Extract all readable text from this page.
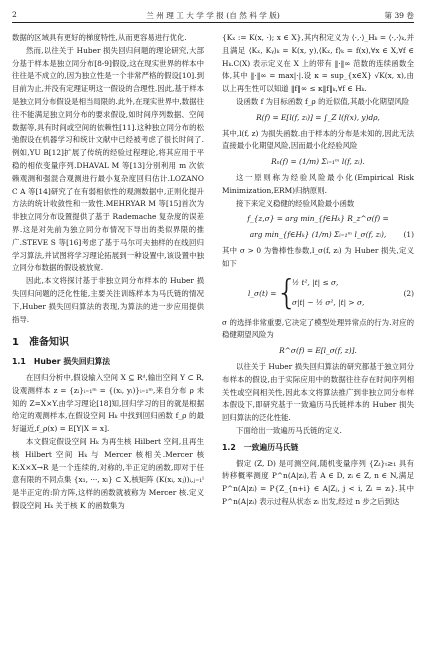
2	兰 州 理 工 大 学 学 报 (自 然 科 学 版)	第 39 卷

数据的区域具有更好的梯度特性,从而更容易进行优化.

然而,以往关于 Huber 损失回归问题的理论研究,大部分基于样本是独立同分布[8-9]假设,这在现实世界的样本中往往是不成立的,因为独立性是一个非常严格的假设[10].到目前为止,并没有定理证明这一假设的合理性.因此,基于样本是独立同分布假设是相当局限的.此外,在现实世界中,数据往往不能满足独立同分布的要求假设,如时间序列数据、空间数据等,具有时间或空间的依赖性[11].这种独立同分布的松弛假设在机器学习和统计文献中已经被考虑了很长时间了.例如,YU B[12]扩展了传统的经验过程理论,将其应用于平稳的相依变量序列.DHAVAL M 等[13]分别利用 m 次依赖观测和强混合观测进行最小复杂度回归估计.LOZANO C A 等[14]研究了在有弱相依性的观测数据中,正则化提升方法的统计收敛性和一致性.MEHRYAR M 等[15]首次为非独立同分布设置提供了基于 Rademache 复杂度的误差界.这是对先前为独立同分布情况下导出的类似界限的推广.STEVE S 等[16]考虑了基于马尔可夫抽样的在线回归学习算法,并试图将学习理论拓展到一种设置中,该设置中独立同分布数据的假设被放宽.

因此,本文将探讨基于非独立同分布样本的 Huber 损失回归问题的泛化性能,主要关注训练样本为马氏链的情况下,Huber 损失回归算法的表现,为算法的进一步应用提供指导.

1 准备知识
1.1 Huber 损失回归算法

在回归分析中,假设输入空间 X ⊆ Rᵈ,输出空间 Y ⊂ R,设观测样本 z = {zᵢ}ᵢ₌₁ᵐ = {(xᵢ, yᵢ)}ᵢ₌₁ᵐ,来自分布 ρ 未知的 Z=X×Y.由学习理论[18]知,回归学习的目的就是根据给定的观测样本,在假设空间 Hₖ 中找到回归函数 f_ρ 的最好逼近,f_ρ(x) = E[Y|X = x].

本文假定假设空间 Hₖ 为再生核 Hilbert 空间,且再生核 Hilbert 空间 Hₖ 与 Mercer 核相关.Mercer 核 K:X×X→R 是一个连续的,对称的,半正定的函数,即对于任意有限的不同点集 {x₁, ···, xₗ} ⊂ X,核矩阵 (K(xᵢ, xⱼ))ᵢ,ⱼ₌₁ˡ 是半正定的:阶方阵,这样的函数就被称为 Mercer 核.定义假设空间 Hₖ 关于核 K 的函数集为

{Kₓ := K(x, ·); x ∈ X},其内积定义为 ⟨·,·⟩_Hₖ = ⟨·,·⟩ₖ,并且满足 ⟨Kₓ, Kᵧ⟩ₖ = K(x, y),⟨Kₓ, f⟩ₖ = f(x),∀x ∈ X,∀f ∈ Hₖ.C(X) 表示定义在 X 上的带有 ‖·‖∞ 范数的连续函数全体,其中 ‖·‖∞ = max|·|.设 κ = sup_{x∈X} √K(x, x),由以上再生性可以知道 ‖f‖∞ ≤ κ‖f‖ₖ,∀f ∈ Hₖ.

设函数 f 为目标函数 f_ρ 的近似值,其最小化期望风险

R(f) = E[l(f, zᵢ)] = ∫_Z l(f(x), y)dρ,

其中,l(f, z) 为损失函数.由于样本的分布是未知的,因此无法直接最小化期望风险,因而最小化经验风险

Rₙ(f) = (1/m) Σᵢ₌₁ᵐ l(f, zᵢ).

这一原则称为经验风险最小化(Empirical Risk Minimization,ERM)归纳原则.

接下来定义稳健的经验风险最小函数

f_{z,σ} = arg min_{f∈Hₖ} R_z^σ(f) =
arg min_{f∈Hₖ} (1/m) Σᵢ₌₁ᵐ l_σ(f, zᵢ), (1)

其中 σ > 0 为鲁棒性参数,l_σ(f, zᵢ) 为 Huber 损失,定义如下

l_σ(t) = {
½ t², |t| ≤ σ,
σ|t| − ½ σ², |t| > σ,
(2)

σ 的选择非常重要,它决定了模型处理异常点的行为.对应的稳健期望风险为

R^σ(f) = E[l_σ(f, z)].

以往关于 Huber 损失回归算法的研究都基于独立同分布样本的假设,由于实际应用中的数据往往存在时间序列相关性或空间相关性,因此本文将算法推广到非独立同分布样本假设下,即研究基于一致遍历马氏链样本的 Huber 损失回归算法的泛化性能.

下面给出一致遍历马氏链的定义.

1.2 一致遍历马氏链

假定 (Z, D) 是可测空间,随机变量序列 {Zₜ}ₜ≥₁ 具有转移概率测度 P^n(A|zᵢ),若 A ∈ D, zᵢ ∈ Z, n ∈ N,满足 P^n(A|zᵢ) = P{Z_{n+i} ∈ A|Zⱼ, j < i, Zᵢ = zᵢ}.其中 P^n(A|zᵢ) 表示过程从状态 zᵢ 出发,经过 n 步之后到达
